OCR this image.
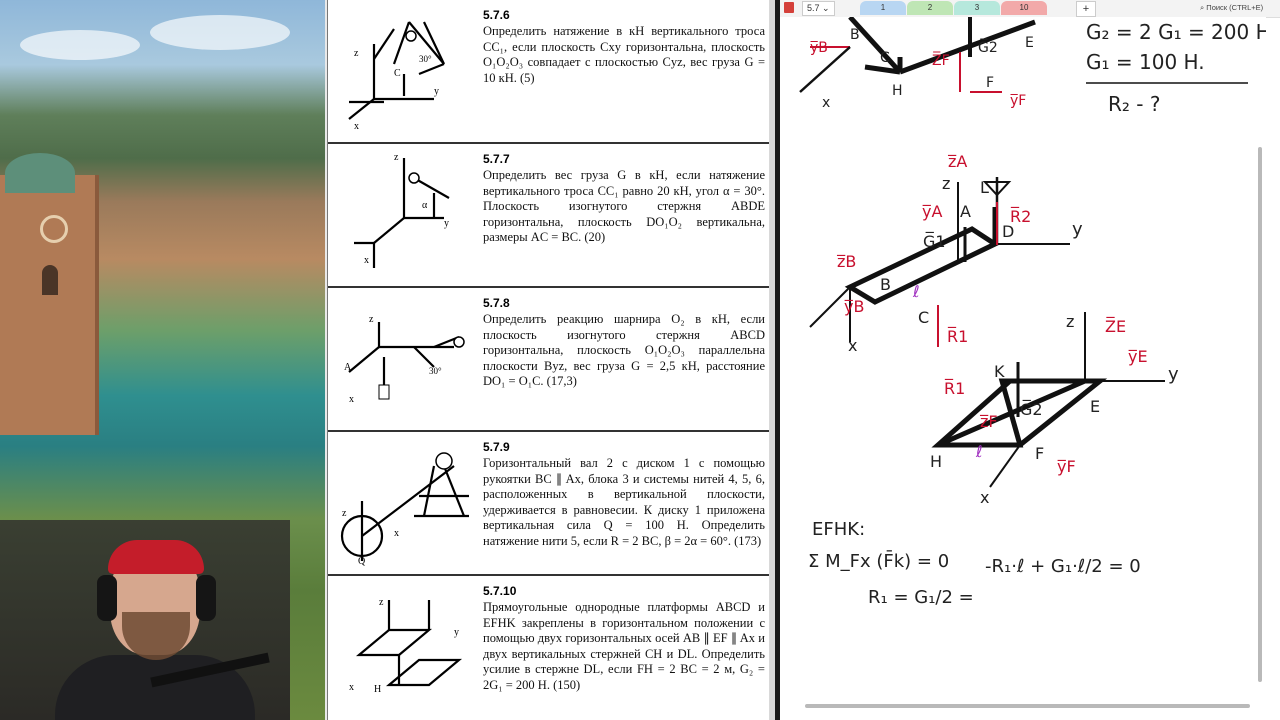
z
C
y
30°
x
5.7.6
Определить натяжение в кН вертикального троса CC₁, если плоскость Cxy горизонтальна, плоскость O₁O₂O₃ совпадает с плоскостью Cyz, вес груза G = 10 кН. (5)
z
y
x
α
5.7.7
Определить вес груза G в кН, если натяжение вертикального троса CC₁ равно 20 кН, угол α = 30°. Плоскость изогнутого стержня ABDE горизонтальна, плоскость DO₁O₂ вертикальна, размеры AC = BC. (20)
z
A	30°
x
5.7.8
Определить реакцию шарнира O₂ в кН, если плоскость изогнутого стержня ABCD горизонтальна, плоскость O₁O₂O₃ параллельна плоскости Byz, вес груза G = 2,5 кН, расстояние DO₁ = O₁C. (17,3)
z
Q̄
x
5.7.9
Горизонтальный вал 2 с диском 1 с помощью рукоятки BC ∥ Ax, блока 3 и системы нитей 4, 5, 6, расположенных в вертикальной плоскости, удерживается в равновесии. К диску 1 приложена вертикальная сила Q = 100 Н. Определить натяжение нити 5, если R = 2 BC, β = 2α = 60°. (173)
z
y
H
x
5.7.10
Прямоугольные однородные платформы ABCD и EFHK закреплены в горизонтальном положении с помощью двух горизонтальных осей AB ∥ EF ∥ Ax и двух вертикальных стержней CH и DL. Определить усилие в стержне DL, если FH = 2 BC = 2 м, G₂ = 2G₁ = 200 Н. (150)
5.7 ⌄	1	2	3	10	+	⌕ Поиск (CTRL+E)
y̅B
B
C
H
G̅2
Z̅F
F
y̅F
E
x
G₂ = 2 G₁ = 200 H;
G₁ = 100 H.
R₂ - ?
y
z
x
B
C
D
L
A
G̅1
z̅B
y̅B
z̅A
y̅A	R̅2
R̅1
ℓ
y
z
x
K
E
H	F
G̅2
R̅1
z̅F
Z̅E
y̅E
y̅F
ℓ
EFHK:
Σ M_Fx (F̄k) = 0 -R₁·ℓ + G₁·ℓ/2 = 0
R₁ = G₁/2 =
